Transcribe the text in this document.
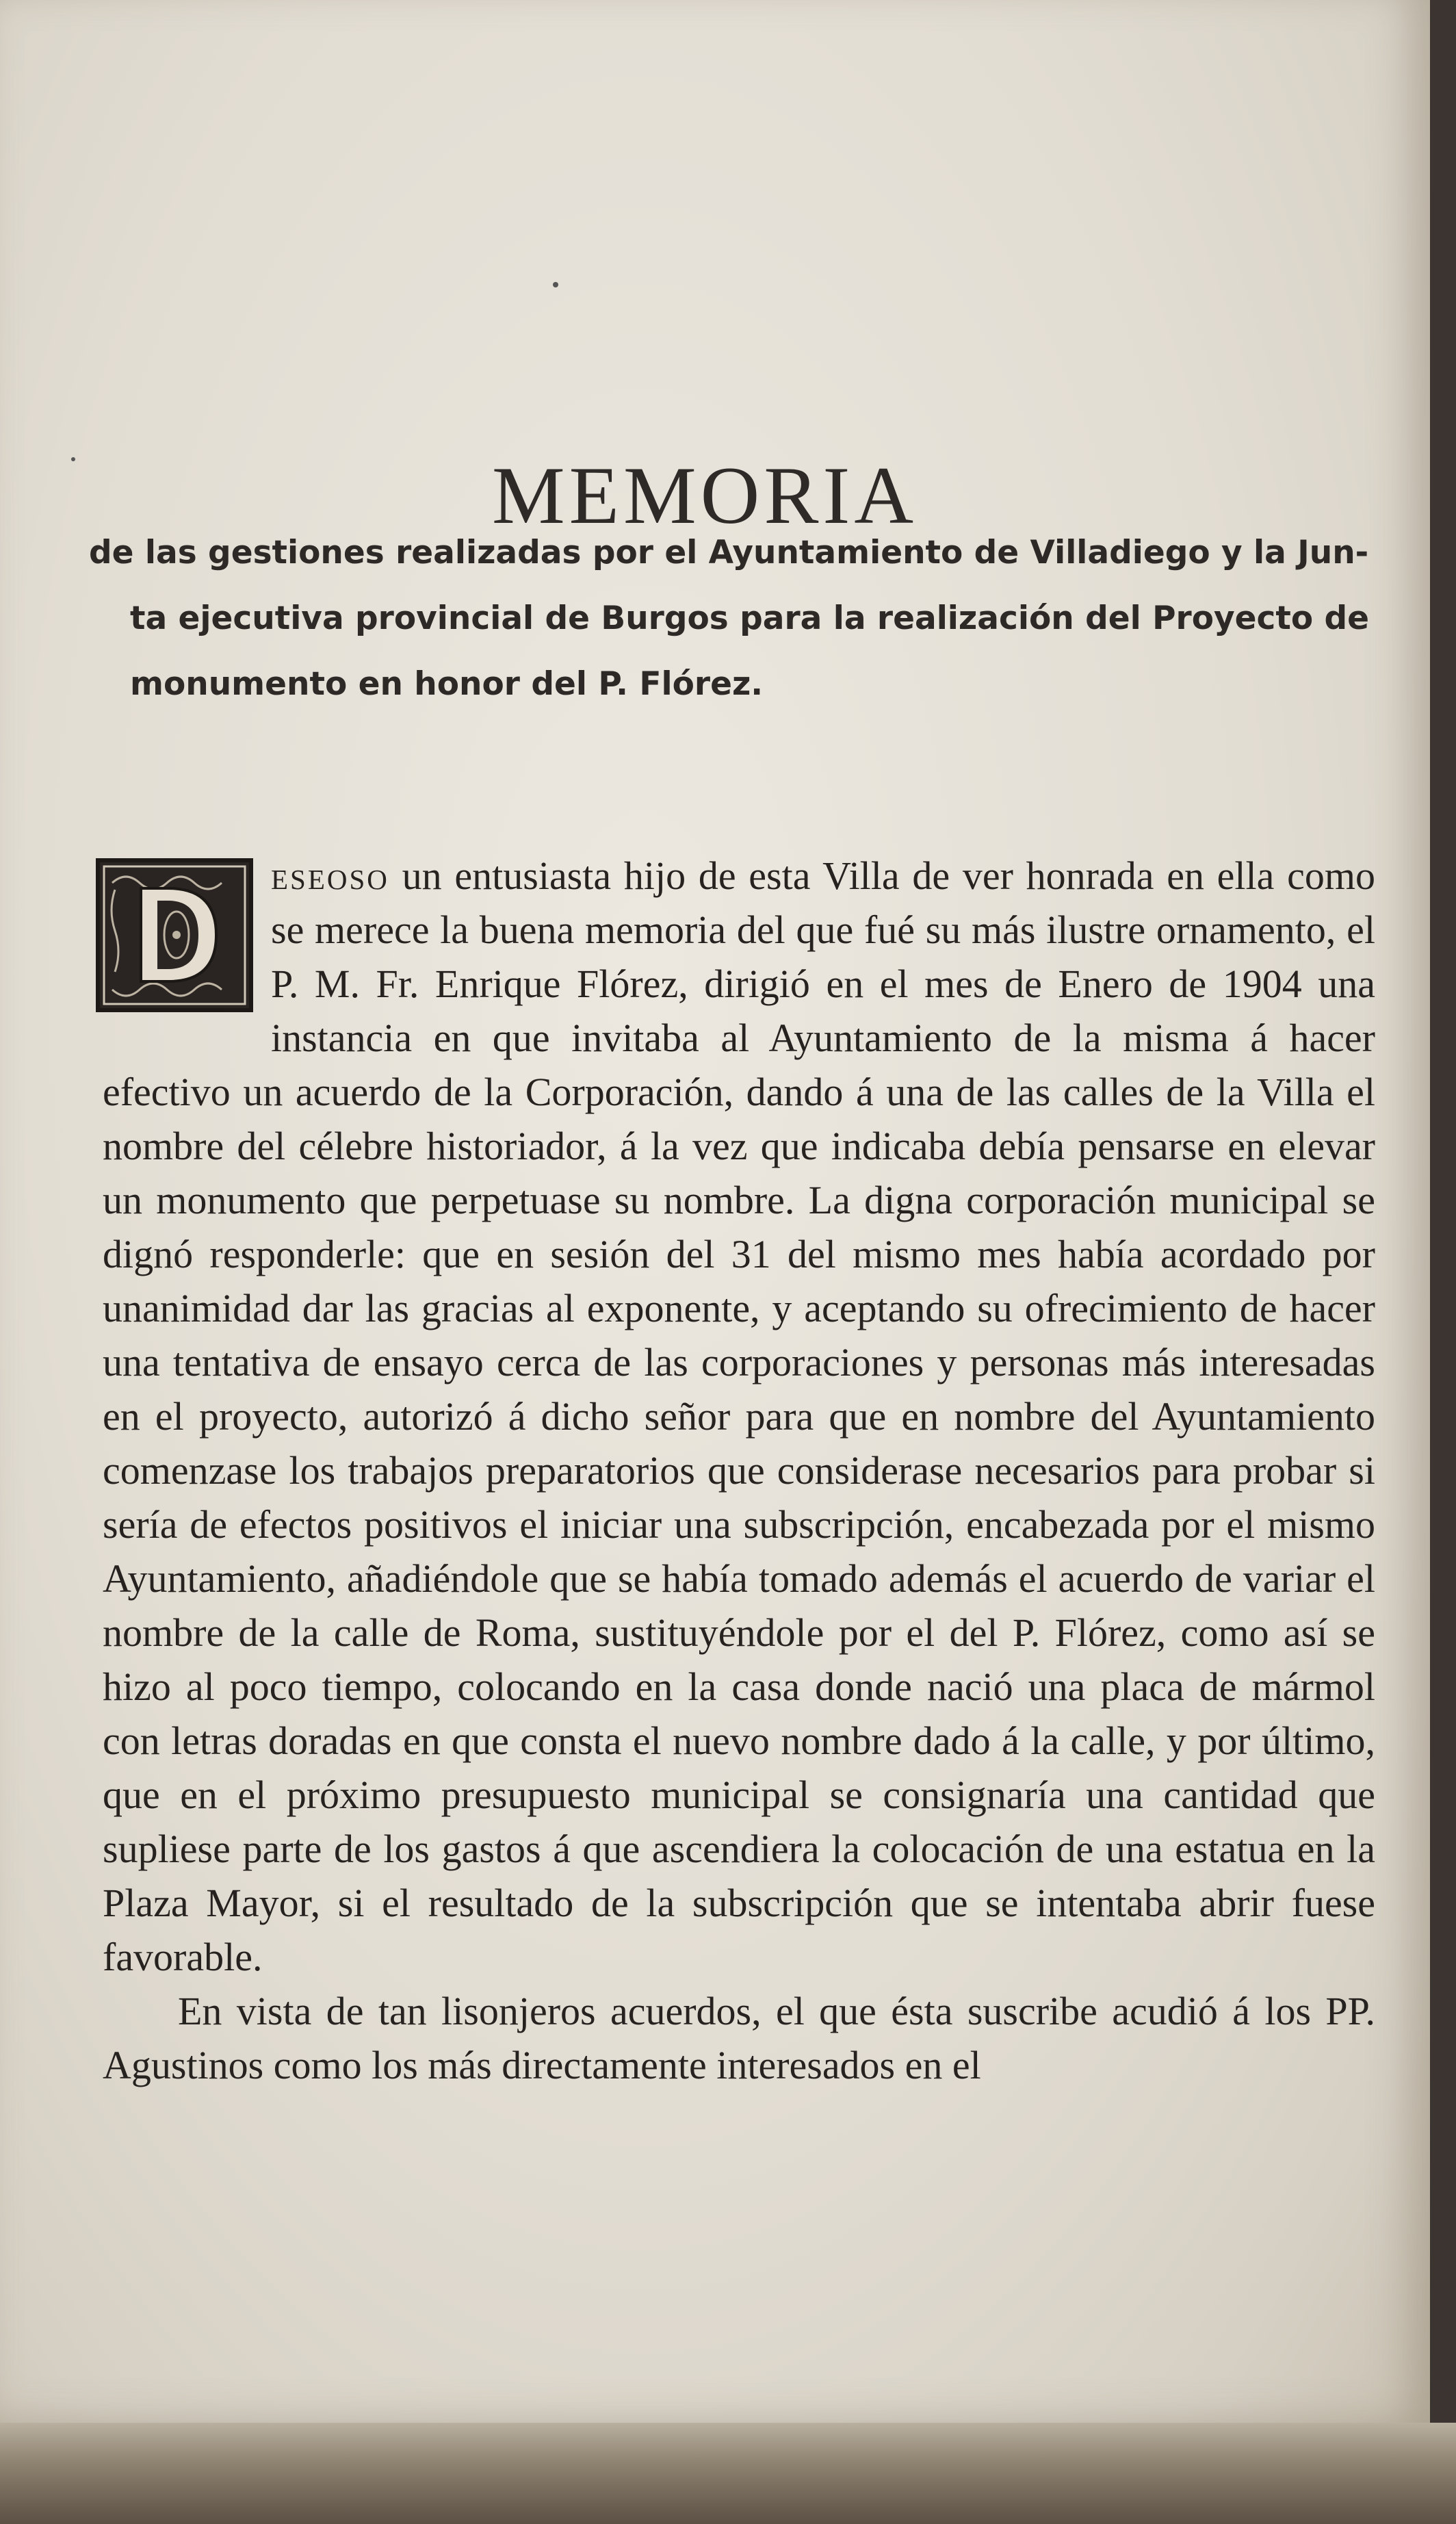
MEMORIA
de las gestiones realizadas por el Ayuntamiento de Villadiego y la Jun-
ta ejecutiva provincial de Burgos para la realización del Proyecto de
monumento en honor del P. Flórez.

eseoso un entusiasta hijo de esta Villa de ver honrada en ella como se merece la buena memoria del que fué su más ilustre ornamento, el P. M. Fr. Enrique Flórez, dirigió en el mes de Enero de 1904 una instancia en que invitaba al Ayuntamiento de la misma á hacer efectivo un acuerdo de la Corporación, dando á una de las calles de la Villa el nombre del célebre historiador, á la vez que indicaba debía pensarse en elevar un monumento que perpetuase su nombre. La digna corporación municipal se dignó responderle: que en sesión del 31 del mismo mes había acordado por unanimidad dar las gracias al exponente, y aceptando su ofrecimiento de hacer una tentativa de ensayo cerca de las corporaciones y personas más interesadas en el proyecto, autorizó á dicho señor para que en nombre del Ayuntamiento comenzase los trabajos preparatorios que considerase necesarios para probar si sería de efectos positivos el iniciar una subscripción, encabezada por el mismo Ayuntamiento, añadiéndole que se había tomado además el acuerdo de variar el nombre de la calle de Roma, sustituyéndole por el del P. Flórez, como así se hizo al poco tiempo, colocando en la casa donde nació una placa de mármol con letras doradas en que consta el nuevo nombre dado á la calle, y por último, que en el próximo presupuesto municipal se consignaría una cantidad que supliese parte de los gastos á que ascendiera la colocación de una estatua en la Plaza Mayor, si el resultado de la subscripción que se intentaba abrir fuese favorable.

En vista de tan lisonjeros acuerdos, el que ésta suscribe acudió á los PP. Agustinos como los más directamente interesados en el
